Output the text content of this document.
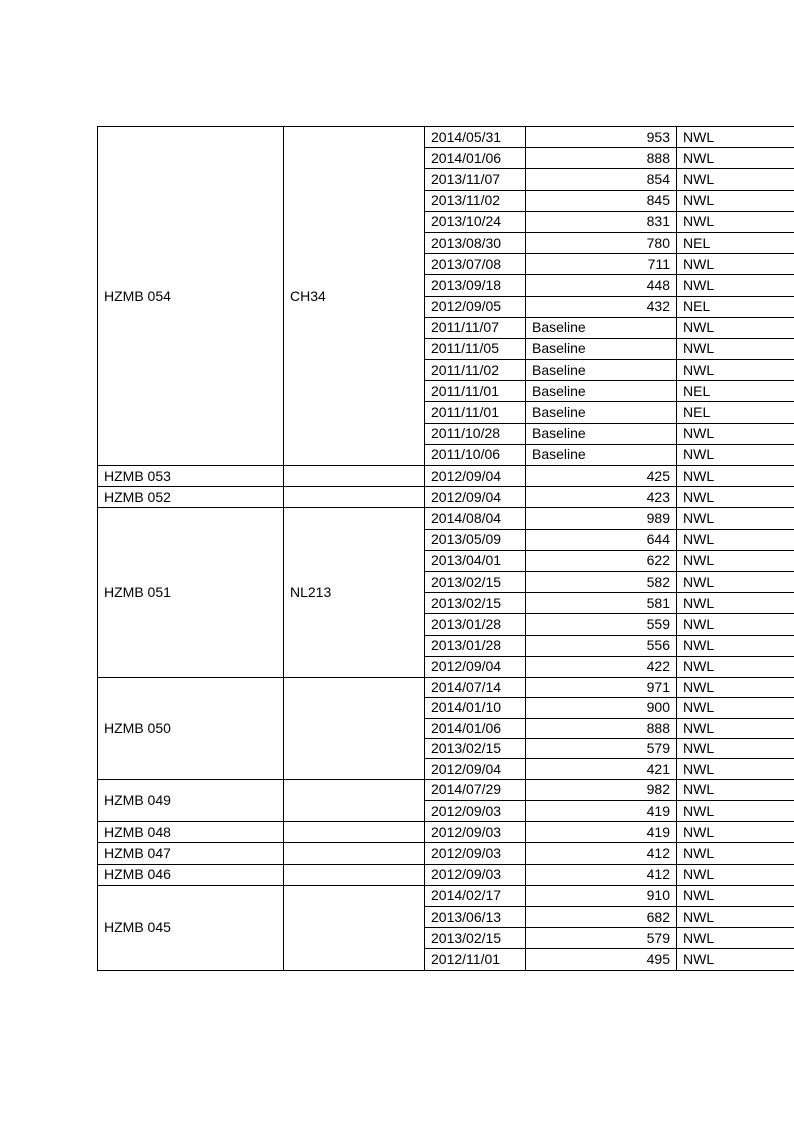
HZMB 054	CH34	2014/05/31	953	NWL
		2014/01/06	888	NWL
		2013/11/07	854	NWL
		2013/11/02	845	NWL
		2013/10/24	831	NWL
		2013/08/30	780	NEL
		2013/07/08	711	NWL
		2013/09/18	448	NWL
		2012/09/05	432	NEL
		2011/11/07	Baseline	NWL
		2011/11/05	Baseline	NWL
		2011/11/02	Baseline	NWL
		2011/11/01	Baseline	NEL
		2011/11/01	Baseline	NEL
		2011/10/28	Baseline	NWL
		2011/10/06	Baseline	NWL
HZMB 053		2012/09/04	425	NWL
HZMB 052		2012/09/04	423	NWL
HZMB 051	NL213	2014/08/04	989	NWL
		2013/05/09	644	NWL
		2013/04/01	622	NWL
		2013/02/15	582	NWL
		2013/02/15	581	NWL
		2013/01/28	559	NWL
		2013/01/28	556	NWL
		2012/09/04	422	NWL
HZMB 050		2014/07/14	971	NWL
		2014/01/10	900	NWL
		2014/01/06	888	NWL
		2013/02/15	579	NWL
		2012/09/04	421	NWL
HZMB 049		2014/07/29	982	NWL
		2012/09/03	419	NWL
HZMB 048		2012/09/03	419	NWL
HZMB 047		2012/09/03	412	NWL
HZMB 046		2012/09/03	412	NWL
HZMB 045		2014/02/17	910	NWL
		2013/06/13	682	NWL
		2013/02/15	579	NWL
		2012/11/01	495	NWL
